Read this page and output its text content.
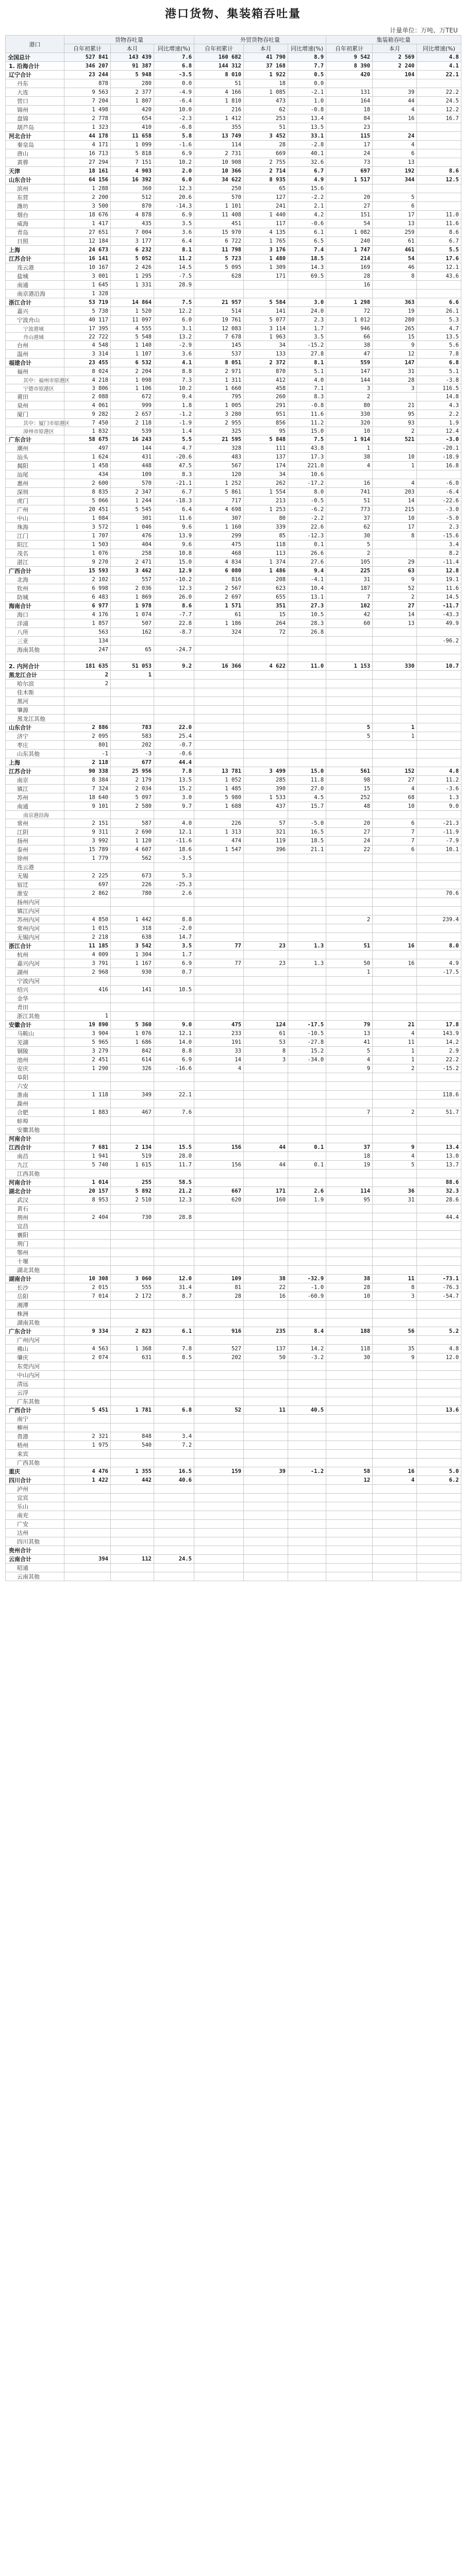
港口货物、集装箱吞吐量
计量单位：万吨、万TEU
港口	货物吞吐量			外贸货物吞吐量			集装箱吞吐量		
	自年初累计	本月	同比增速(%)	自年初累计	本月	同比增速(%)	自年初累计	本月	同比增速(%)
全国总计	527 841	143 439	7.6	160 682	41 790	8.9	9 542	2 569	4.8
1. 沿海合计	346 207	91 387	6.8	144 312	37 168	7.7	8 390	2 240	4.1
辽宁合计	23 244	5 948	-3.5	8 010	1 922	0.5	420	104	22.1
丹东	878	280	0.0	51	18	0.0			
大连	9 563	2 377	-4.9	4 166	1 085	-2.1	131	39	22.2
营口	7 204	1 807	-6.4	1 810	473	1.0	164	44	24.5
锦州	1 498	420	10.0	216	62	-0.8	18	4	12.2
盘锦	2 778	654	-2.3	1 412	253	13.4	84	16	16.7
葫芦岛	1 323	410	-6.8	355	51	13.5	23		
河北合计	44 178	11 658	5.8	13 749	3 452	33.1	115	24	
秦皇岛	4 171	1 099	-1.6	114	28	-2.8	17	4	
唐山	16 713	5 818	6.9	2 731	669	40.1	24	6	
黄骅	27 294	7 151	10.2	10 908	2 755	32.6	73	13	
天津	18 161	4 903	2.0	10 366	2 714	6.7	697	192	8.6
山东合计	64 156	16 392	6.0	34 622	8 935	4.9	1 517	344	12.5
滨州	1 288	360	12.3	250	65	15.6			
东营	2 200	512	20.6	570	127	-2.2	20	5	
潍坊	3 500	870	-14.3	1 101	241	2.1	27	6	
烟台	18 676	4 878	6.9	11 408	1 440	4.2	151	17	11.0
威海	1 417	435	3.5	451	117	-0.6	54	13	11.6
青岛	27 651	7 004	3.6	15 970	4 135	6.1	1 082	259	8.6
日照	12 184	3 177	6.4	6 722	1 765	6.5	240	61	6.7
上海	24 673	6 232	8.1	11 798	3 176	7.4	1 747	461	5.5
江苏合计	16 141	5 052	11.2	5 723	1 480	18.5	214	54	17.6
连云港	10 167	2 426	14.5	5 095	1 309	14.3	169	46	12.1
盐城	3 001	1 295	-7.5	628	171	69.5	28	8	43.6
南通	1 645	1 331	28.9				16		
南京港沿海	1 328								
浙江合计	53 719	14 864	7.5	21 957	5 584	3.0	1 298	363	6.6
嘉兴	5 738	1 520	12.2	514	141	24.0	72	19	26.1
宁波舟山	40 117	11 097	6.0	19 761	5 077	2.3	1 012	280	5.3
宁波港域	17 395	4 555	3.1	12 083	3 114	1.7	946	265	4.7
舟山港域	22 722	5 548	13.2	7 678	1 963	3.5	66	15	13.5
台州	4 548	1 140	-2.9	145	34	-15.2	38	9	5.6
温州	3 314	1 107	3.6	537	133	27.8	47	12	7.8
福建合计	23 455	6 532	4.1	8 051	2 372	8.1	559	147	6.8
福州	8 024	2 204	8.8	2 971	870	5.1	147	31	5.1
其中：福州市原港区	4 218	1 098	7.3	1 311	412	4.0	144	28	-3.8
宁德市原港区	3 806	1 106	10.2	1 660	458	7.1	3	3	116.5
莆田	2 088	672	9.4	795	260	8.3	2		14.8
泉州	4 061	999	1.8	1 005	291	-0.8	80	21	4.3
厦门	9 282	2 657	-1.2	3 280	951	11.6	330	95	2.2
其中：厦门市原港区	7 450	2 118	-1.9	2 955	856	11.2	320	93	1.9
漳州市原港区	1 832	539	1.4	325	95	15.0	10	2	12.4
广东合计	58 675	16 243	5.5	21 595	5 848	7.5	1 914	521	-3.0
潮州	497	144	4.7	328	111	43.8	1		-20.1
汕头	1 624	431	-20.6	483	137	17.3	38	10	-18.9
揭阳	1 458	448	47.5	567	174	221.0	4	1	16.8
汕尾	434	109	8.3	120	34	10.6			
惠州	2 600	570	-21.1	1 252	262	-17.2	16	4	-6.0
深圳	8 835	2 347	6.7	5 861	1 554	8.0	741	203	-6.4
虎门	5 066	1 244	-18.3	717	213	-0.5	51	14	-22.6
广州	20 451	5 545	6.4	4 698	1 253	-6.2	773	215	-3.0
中山	1 084	301	11.6	307	80	-2.2	37	10	-5.0
珠海	3 572	1 046	9.6	1 160	339	22.6	62	17	2.3
江门	1 707	476	13.9	299	85	-12.3	30	8	-15.6
阳江	1 503	404	9.6	475	118	0.1	5		3.4
茂名	1 076	258	10.8	468	113	26.6	2		8.2
湛江	9 270	2 471	15.0	4 834	1 374	27.6	105	29	-11.4
广西合计	15 593	3 462	12.9	6 080	1 486	9.4	225	63	12.8
北海	2 102	557	-10.2	816	208	-4.1	31	9	19.1
钦州	6 998	2 036	12.3	2 567	623	10.4	187	52	11.6
防城	6 483	1 869	26.0	2 697	655	13.1	7	2	14.5
海南合计	6 977	1 978	8.6	1 571	351	27.3	102	27	-11.7
海口	4 176	1 074	-7.7	61	15	10.5	42	14	-43.3
洋浦	1 857	507	22.8	1 186	264	28.3	60	13	49.9
八所	563	162	-8.7	324	72	26.8			
三亚	134								-96.2
海南其他	247	65	-24.7						

2. 内河合计	181 635	51 053	9.2	16 366	4 622	11.0	1 153	330	10.7
黑龙江合计	2	1							
哈尔滨	2								
佳木斯									
黑河									
肇源									
黑龙江其他									
山东合计	2 886	783	22.0				5	1	
济宁	2 095	583	25.4				5	1	
枣庄	801	202	-0.7						
山东其他	-1	-3	-0.6						
上海	2 118	677	44.4						
江苏合计	90 338	25 956	7.8	13 781	3 499	15.0	561	152	4.8
南京	8 384	2 179	13.5	1 052	285	11.8	98	27	11.2
镇江	7 324	2 034	15.2	1 485	390	27.0	15	4	-3.6
苏州	18 640	5 097	3.0	5 980	1 533	4.5	252	68	1.3
南通	9 101	2 580	9.7	1 688	437	15.7	48	10	9.0
南京港沿海									
常州	2 151	587	4.0	226	57	-5.0	20	6	-21.3
江阴	9 311	2 690	12.1	1 313	321	16.5	27	7	-11.9
扬州	3 992	1 120	-11.6	474	119	18.5	24	7	-7.9
泰州	15 789	4 607	18.6	1 547	396	21.1	22	6	10.1
徐州	1 779	562	-3.5						
连云港									
无锡	2 225	673	5.3						
宿迁	697	226	-25.3						
淮安	2 862	780	2.6						70.6
扬州内河									
镇江内河									
苏州内河	4 850	1 442	8.8				2		239.4
常州内河	1 015	318	-2.0						
无锡内河	2 218	638	14.7						
浙江合计	11 185	3 542	3.5	77	23	1.3	51	16	8.0
杭州	4 009	1 304	1.7						
嘉兴内河	3 791	1 167	6.9	77	23	1.3	50	16	4.9
湖州	2 968	930	0.7				1		-17.5
宁波内河									
绍兴	416	141	10.5						
金华									
青田									
浙江其他	1								
安徽合计	19 890	5 360	9.0	475	124	-17.5	79	21	17.8
马鞍山	3 904	1 076	12.1	233	61	-10.5	13	4	143.9
芜湖	5 965	1 686	14.0	191	53	-27.8	41	11	14.2
铜陵	3 279	842	8.8	33	8	15.2	5	1	2.9
池州	2 451	614	6.9	14	3	-34.0	4	1	22.2
安庆	1 290	326	-16.6	4			9	2	-15.2
阜阳									
六安									
淮南	1 118	349	22.1						118.6
滁州									
合肥	1 883	467	7.6				7	2	51.7
蚌埠									
安徽其他									
河南合计									
江西合计	7 681	2 134	15.5	156	44	0.1	37	9	13.4
南昌	1 941	519	28.0				18	4	13.0
九江	5 740	1 615	11.7	156	44	0.1	19	5	13.7
江西其他									
河南合计	1 014	255	58.5						88.6
湖北合计	20 157	5 892	21.2	667	171	2.6	114	36	32.3
武汉	8 953	2 510	12.3	620	160	1.9	95	31	28.6
黄石									
荆州	2 404	730	28.8						44.4
宜昌									
襄阳									
荆门									
鄂州									
十堰									
湖北其他									
湖南合计	10 308	3 060	12.0	109	38	-32.9	38	11	-73.1
长沙	2 015	555	31.4	81	22	-1.0	28	8	-76.3
岳阳	7 014	2 172	8.7	28	16	-60.9	10	3	-54.7
湘潭									
株洲									
湖南其他									
广东合计	9 334	2 823	6.1	916	235	8.4	188	56	5.2
广州内河									
佛山	4 563	1 368	7.8	527	137	14.2	118	35	4.8
肇庆	2 074	631	8.5	202	50	-3.2	30	9	12.0
东莞内河									
中山内河									
清远									
云浮									
广东其他									
广西合计	5 451	1 781	6.8	52	11	40.5			13.6
南宁									
柳州									
贵港	2 321	848	3.4						
梧州	1 975	540	7.2						
来宾									
广西其他									
重庆	4 476	1 355	16.5	159	39	-1.2	58	16	5.0
四川合计	1 422	442	40.6				12	4	6.2
泸州									
宜宾									
乐山									
南充									
广安									
达州									
四川其他									
贵州合计									
云南合计	394	112	24.5						
昭通									
云南其他									
